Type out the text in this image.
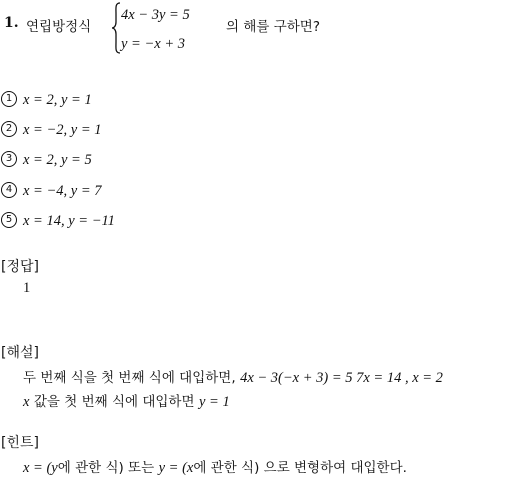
1. 연립방정식
4x − 3y = 5
y = −x + 3
의 해를 구하면?
1 x = 2, y = 1
2 x = −2, y = 1
3 x = 2, y = 5
4 x = −4, y = 7
5 x = 14, y = −11
[정답]
1
[해설]
두 번째 식을 첫 번째 식에 대입하면, 4x − 3(−x + 3) = 5 7x = 14 , x = 2
x 값을 첫 번째 식에 대입하면 y = 1
[힌트]
x = (y에 관한 식) 또는 y = (x에 관한 식) 으로 변형하여 대입한다.
